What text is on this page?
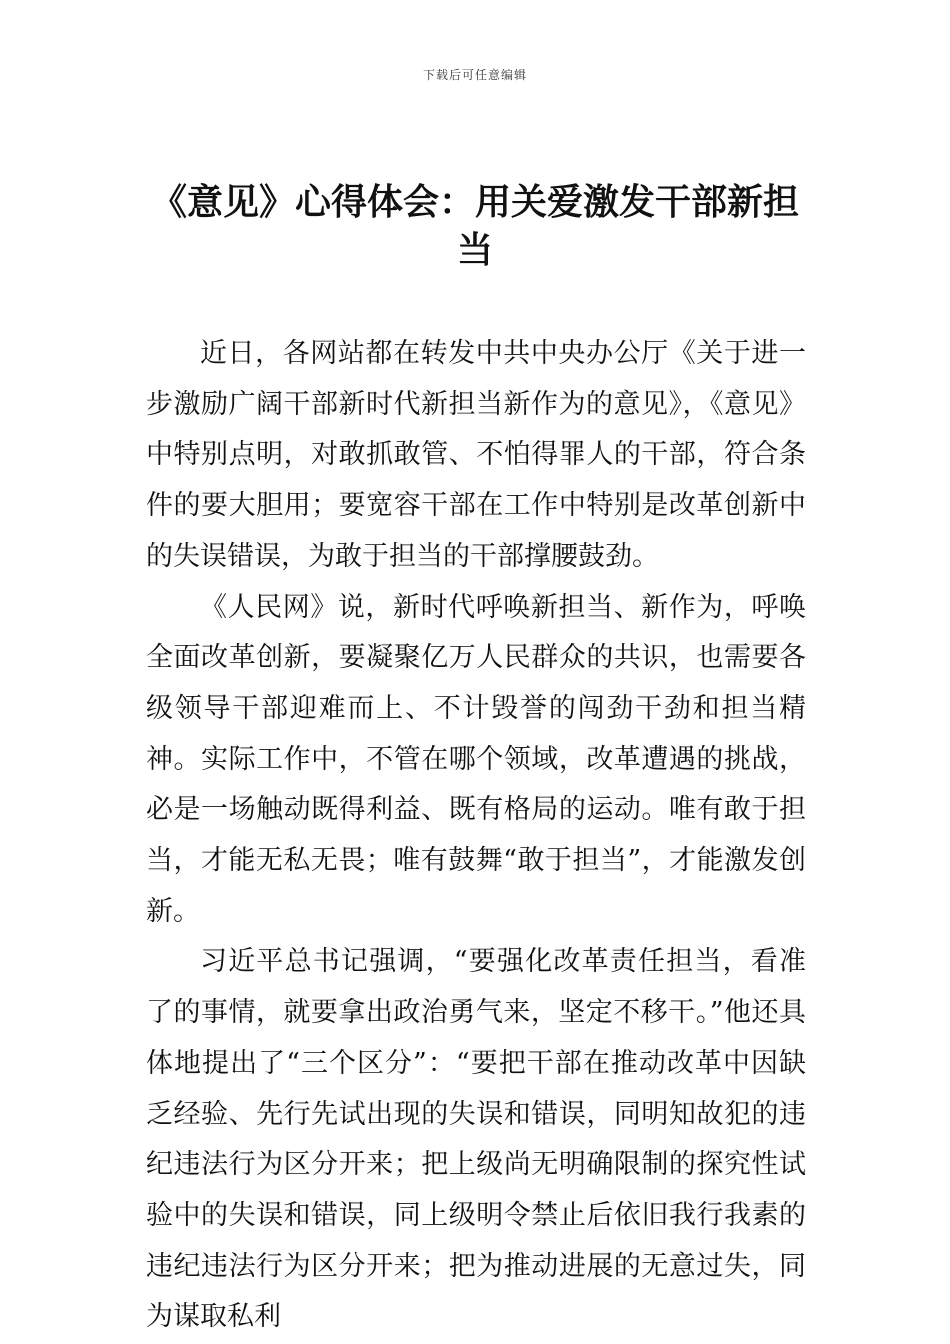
下载后可任意编辑
《意见》心得体会：用关爱激发干部新担当

近日，各网站都在转发中共中央办公厅《关于进一步激励广阔干部新时代新担当新作为的意见》，《意见》中特别点明，对敢抓敢管、不怕得罪人的干部，符合条件的要大胆用；要宽容干部在工作中特别是改革创新中的失误错误，为敢于担当的干部撑腰鼓劲。

《人民网》说，新时代呼唤新担当、新作为，呼唤全面改革创新，要凝聚亿万人民群众的共识，也需要各级领导干部迎难而上、不计毁誉的闯劲干劲和担当精神。实际工作中，不管在哪个领域，改革遭遇的挑战，必是一场触动既得利益、既有格局的运动。唯有敢于担当，才能无私无畏；唯有鼓舞“敢于担当”，才能激发创新。

习近平总书记强调，“要强化改革责任担当，看准了的事情，就要拿出政治勇气来，坚定不移干。”他还具体地提出了“三个区分”：“要把干部在推动改革中因缺乏经验、先行先试出现的失误和错误，同明知故犯的违纪违法行为区分开来；把上级尚无明确限制的探究性试验中的失误和错误，同上级明令禁止后依旧我行我素的违纪违法行为区分开来；把为推动进展的无意过失，同为谋取私利
